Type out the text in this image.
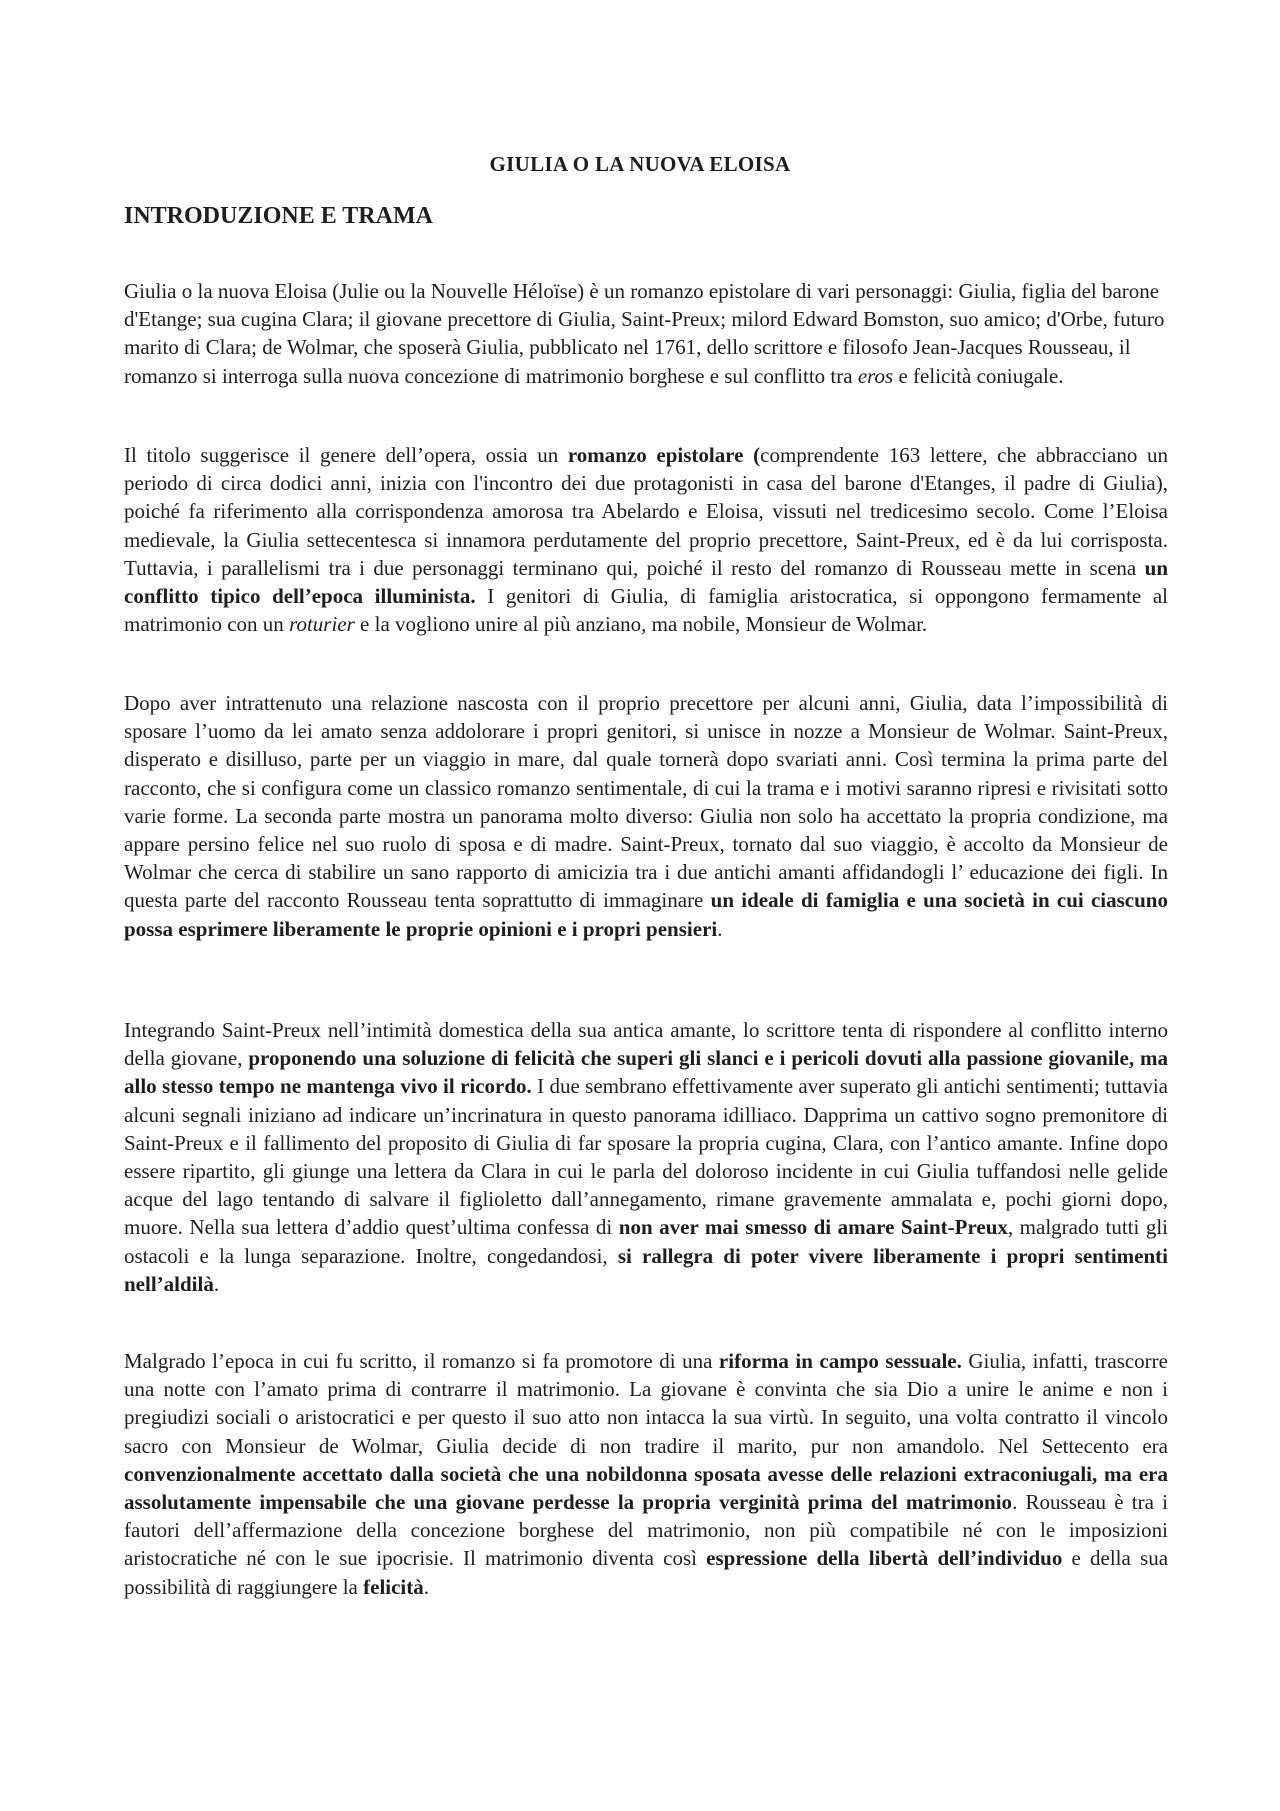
GIULIA O LA NUOVA ELOISA
INTRODUZIONE E TRAMA

Giulia o la nuova Eloisa (Julie ou la Nouvelle Héloïse) è un romanzo epistolare di vari personaggi: Giulia, figlia del barone d'Etange; sua cugina Clara; il giovane precettore di Giulia, Saint-Preux; milord Edward Bomston, suo amico; d'Orbe, futuro marito di Clara; de Wolmar, che sposerà Giulia, pubblicato nel 1761, dello scrittore e filosofo Jean-Jacques Rousseau, il romanzo si interroga sulla nuova concezione di matrimonio borghese e sul conflitto tra eros e felicità coniugale.

Il titolo suggerisce il genere dell’opera, ossia un romanzo epistolare (comprendente 163 lettere, che abbracciano un periodo di circa dodici anni, inizia con l'incontro dei due protagonisti in casa del barone d'Etanges, il padre di Giulia), poiché fa riferimento alla corrispondenza amorosa tra Abelardo e Eloisa, vissuti nel tredicesimo secolo. Come l’Eloisa medievale, la Giulia settecentesca si innamora perdutamente del proprio precettore, Saint-Preux, ed è da lui corrisposta. Tuttavia, i parallelismi tra i due personaggi terminano qui, poiché il resto del romanzo di Rousseau mette in scena un conflitto tipico dell’epoca illuminista. I genitori di Giulia, di famiglia aristocratica, si oppongono fermamente al matrimonio con un roturier e la vogliono unire al più anziano, ma nobile, Monsieur de Wolmar.

Dopo aver intrattenuto una relazione nascosta con il proprio precettore per alcuni anni, Giulia, data l’impossibilità di sposare l’uomo da lei amato senza addolorare i propri genitori, si unisce in nozze a Monsieur de Wolmar. Saint-Preux, disperato e disilluso, parte per un viaggio in mare, dal quale tornerà dopo svariati anni. Così termina la prima parte del racconto, che si configura come un classico romanzo sentimentale, di cui la trama e i motivi saranno ripresi e rivisitati sotto varie forme. La seconda parte mostra un panorama molto diverso: Giulia non solo ha accettato la propria condizione, ma appare persino felice nel suo ruolo di sposa e di madre. Saint-Preux, tornato dal suo viaggio, è accolto da Monsieur de Wolmar che cerca di stabilire un sano rapporto di amicizia tra i due antichi amanti affidandogli l’ educazione dei figli. In questa parte del racconto Rousseau tenta soprattutto di immaginare un ideale di famiglia e una società in cui ciascuno possa esprimere liberamente le proprie opinioni e i propri pensieri.

Integrando Saint-Preux nell’intimità domestica della sua antica amante, lo scrittore tenta di rispondere al conflitto interno della giovane, proponendo una soluzione di felicità che superi gli slanci e i pericoli dovuti alla passione giovanile, ma allo stesso tempo ne mantenga vivo il ricordo. I due sembrano effettivamente aver superato gli antichi sentimenti; tuttavia alcuni segnali iniziano ad indicare un’incrinatura in questo panorama idilliaco. Dapprima un cattivo sogno premonitore di Saint-Preux e il fallimento del proposito di Giulia di far sposare la propria cugina, Clara, con l’antico amante. Infine dopo essere ripartito, gli giunge una lettera da Clara in cui le parla del doloroso incidente in cui Giulia tuffandosi nelle gelide acque del lago tentando di salvare il figlioletto dall’annegamento, rimane gravemente ammalata e, pochi giorni dopo, muore. Nella sua lettera d’addio quest’ultima confessa di non aver mai smesso di amare Saint-Preux, malgrado tutti gli ostacoli e la lunga separazione. Inoltre, congedandosi, si rallegra di poter vivere liberamente i propri sentimenti nell’aldilà.

Malgrado l’epoca in cui fu scritto, il romanzo si fa promotore di una riforma in campo sessuale. Giulia, infatti, trascorre una notte con l’amato prima di contrarre il matrimonio. La giovane è convinta che sia Dio a unire le anime e non i pregiudizi sociali o aristocratici e per questo il suo atto non intacca la sua virtù. In seguito, una volta contratto il vincolo sacro con Monsieur de Wolmar, Giulia decide di non tradire il marito, pur non amandolo. Nel Settecento era convenzionalmente accettato dalla società che una nobildonna sposata avesse delle relazioni extraconiugali, ma era assolutamente impensabile che una giovane perdesse la propria verginità prima del matrimonio. Rousseau è tra i fautori dell’affermazione della concezione borghese del matrimonio, non più compatibile né con le imposizioni aristocratiche né con le sue ipocrisie. Il matrimonio diventa così espressione della libertà dell’individuo e della sua possibilità di raggiungere la felicità.
